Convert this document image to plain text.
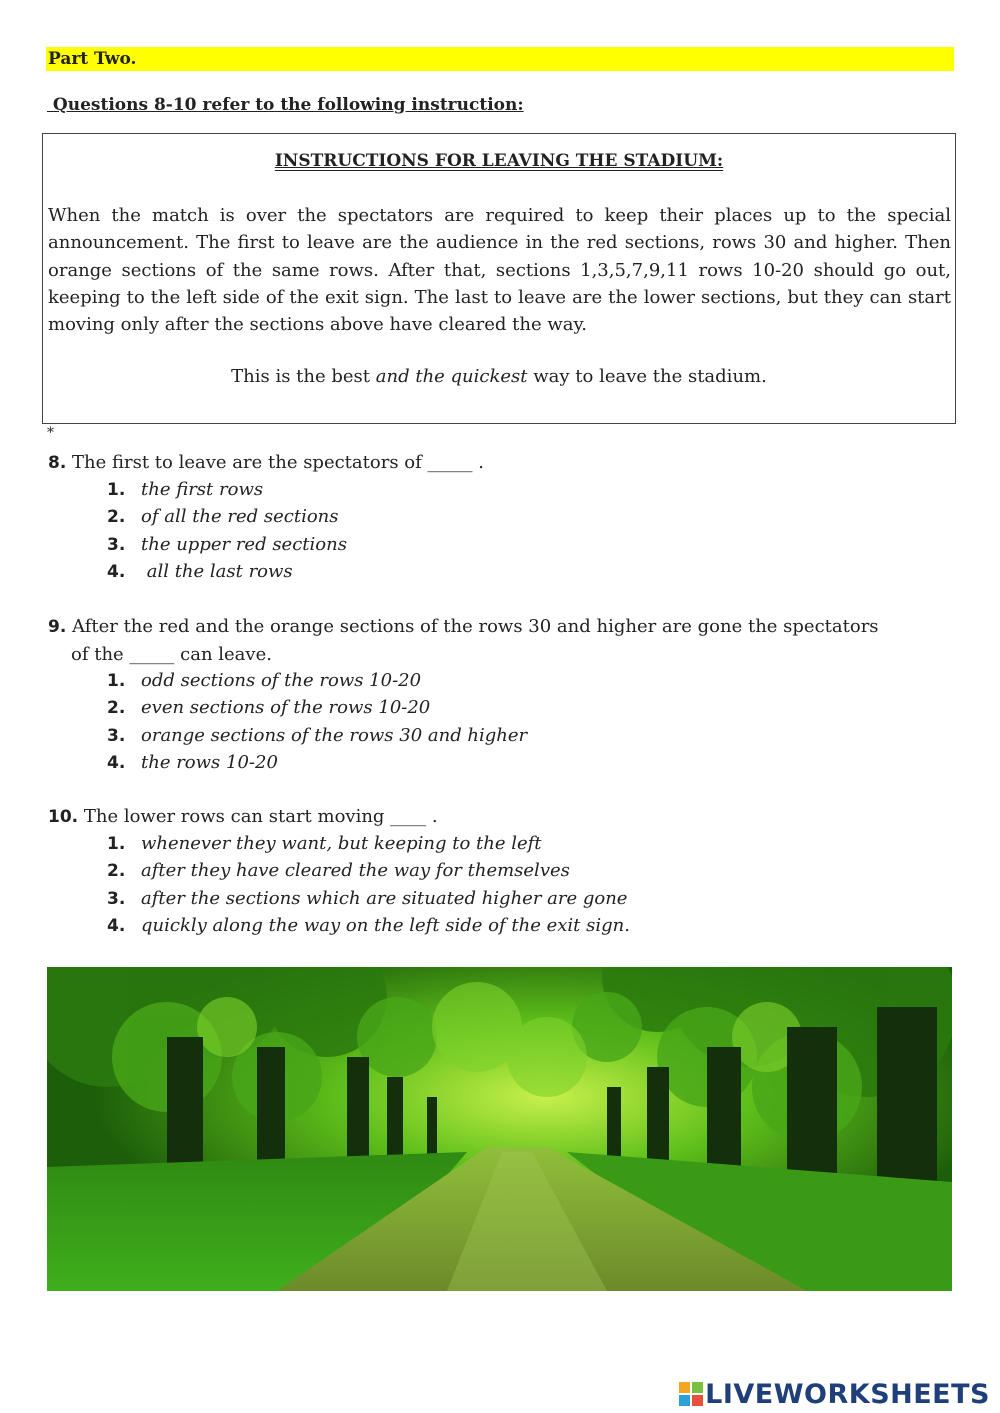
Part Two.
Questions 8-10 refer to the following instruction:
INSTRUCTIONS FOR LEAVING THE STADIUM:
When the match is over the spectators are required to keep their places up to the special announcement. The first to leave are the audience in the red sections, rows 30 and higher. Then orange sections of the same rows. After that, sections 1,3,5,7,9,11 rows 10-20 should go out, keeping to the left side of the exit sign. The last to leave are the lower sections, but they can start moving only after the sections above have cleared the way.
This is the best and the quickest way to leave the stadium.
*
8. The first to leave are the spectators of _____ .
1. the first rows
2. of all the red sections
3. the upper red sections
4. all the last rows
9. After the red and the orange sections of the rows 30 and higher are gone the spectators
of the _____ can leave.
1. odd sections of the rows 10-20
2. even sections of the rows 10-20
3. orange sections of the rows 30 and higher
4. the rows 10-20
10. The lower rows can start moving ____ .
1. whenever they want, but keeping to the left
2. after they have cleared the way for themselves
3. after the sections which are situated higher are gone
4. quickly along the way on the left side of the exit sign.
LIVEWORKSHEETS
